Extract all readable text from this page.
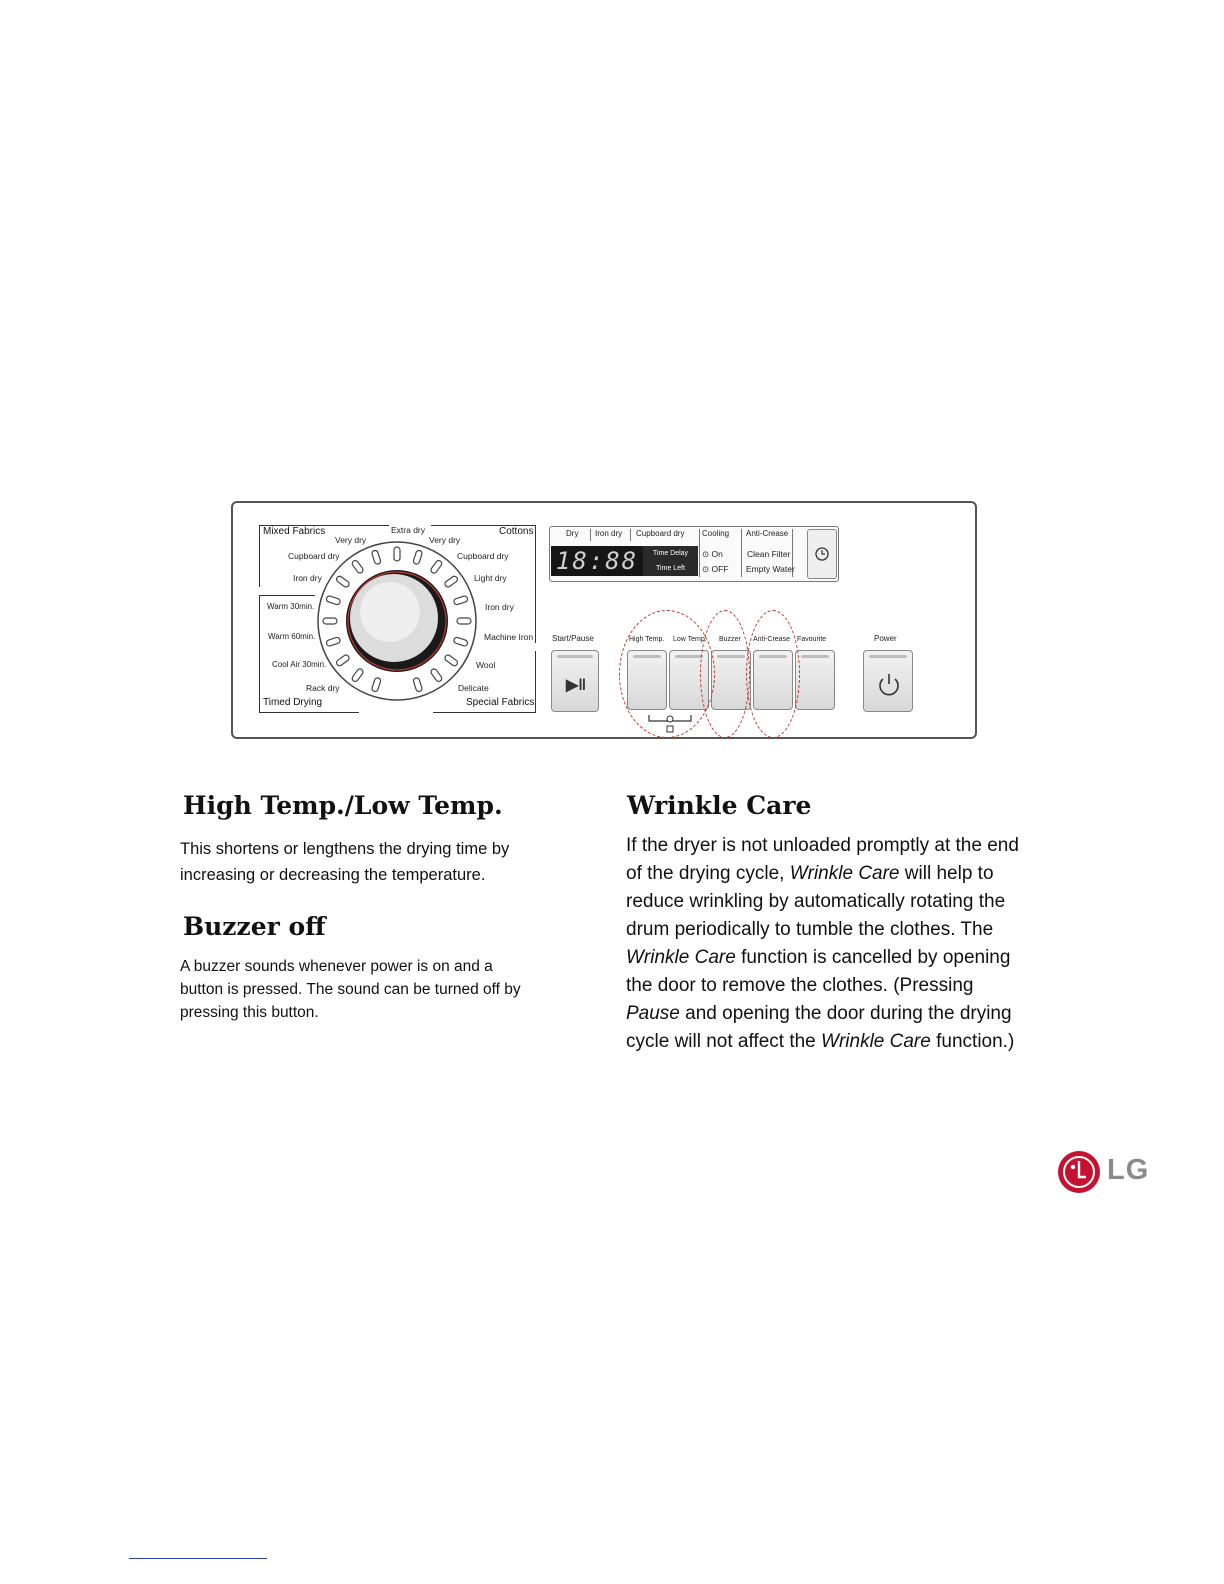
Mixed Fabrics	Cottons
Timed Drying	Special Fabrics
Extra dry
Very dry	Very dry
Cupboard dry	Cupboard dry
Iron dry	Light dry
Iron dry
Warm 30min.
Machine Iron
Warm 60min.
Wool
Cool Air 30min.
Delicate
Rack dry
Dry Iron dry Cupboard dry Cooling Anti-Crease
18:88	Time Delay
Time Left
⊙ On
⊙ OFF
Clean Filter
Empty Water
Start/Pause
▶‖
High Temp. Low Temp. Buzzer Anti-Crease Favourite	Power
High Temp./Low Temp.
This shortens or lengthens the drying time by
increasing or decreasing the temperature.
Buzzer off
A buzzer sounds whenever power is on and a
button is pressed. The sound can be turned off by
pressing this button.
Wrinkle Care
If the dryer is not unloaded promptly at the end
of the drying cycle, Wrinkle Care will help to
reduce wrinkling by automatically rotating the
drum periodically to tumble the clothes. The
Wrinkle Care function is cancelled by opening
the door to remove the clothes. (Pressing
Pause and opening the door during the drying
cycle will not affect the Wrinkle Care function.)
LG
